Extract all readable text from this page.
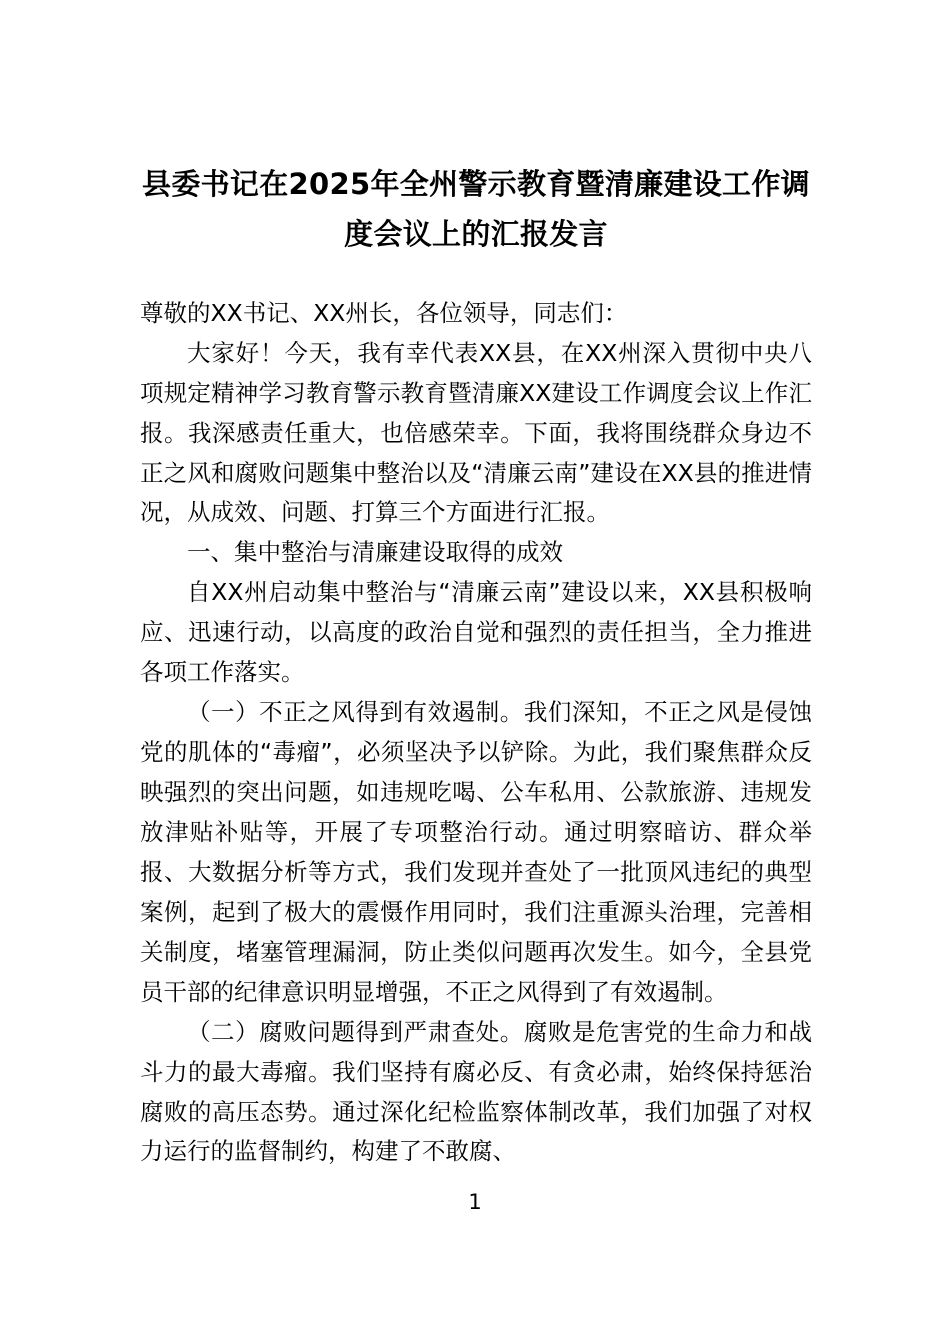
县委书记在2025年全州警示教育暨清廉建设工作调度会议上的汇报发言

尊敬的XX书记、XX州长，各位领导，同志们：

大家好！今天，我有幸代表XX县，在XX州深入贯彻中央八项规定精神学习教育警示教育暨清廉XX建设工作调度会议上作汇报。我深感责任重大，也倍感荣幸。下面，我将围绕群众身边不正之风和腐败问题集中整治以及“清廉云南”建设在XX县的推进情况，从成效、问题、打算三个方面进行汇报。

一、集中整治与清廉建设取得的成效

自XX州启动集中整治与“清廉云南”建设以来，XX县积极响应、迅速行动，以高度的政治自觉和强烈的责任担当，全力推进各项工作落实。

（一）不正之风得到有效遏制。我们深知，不正之风是侵蚀党的肌体的“毒瘤”，必须坚决予以铲除。为此，我们聚焦群众反映强烈的突出问题，如违规吃喝、公车私用、公款旅游、违规发放津贴补贴等，开展了专项整治行动。通过明察暗访、群众举报、大数据分析等方式，我们发现并查处了一批顶风违纪的典型案例，起到了极大的震慑作用同时，我们注重源头治理，完善相关制度，堵塞管理漏洞，防止类似问题再次发生。如今，全县党员干部的纪律意识明显增强，不正之风得到了有效遏制。

（二）腐败问题得到严肃查处。腐败是危害党的生命力和战斗力的最大毒瘤。我们坚持有腐必反、有贪必肃，始终保持惩治腐败的高压态势。通过深化纪检监察体制改革，我们加强了对权力运行的监督制约，构建了不敢腐、

1
